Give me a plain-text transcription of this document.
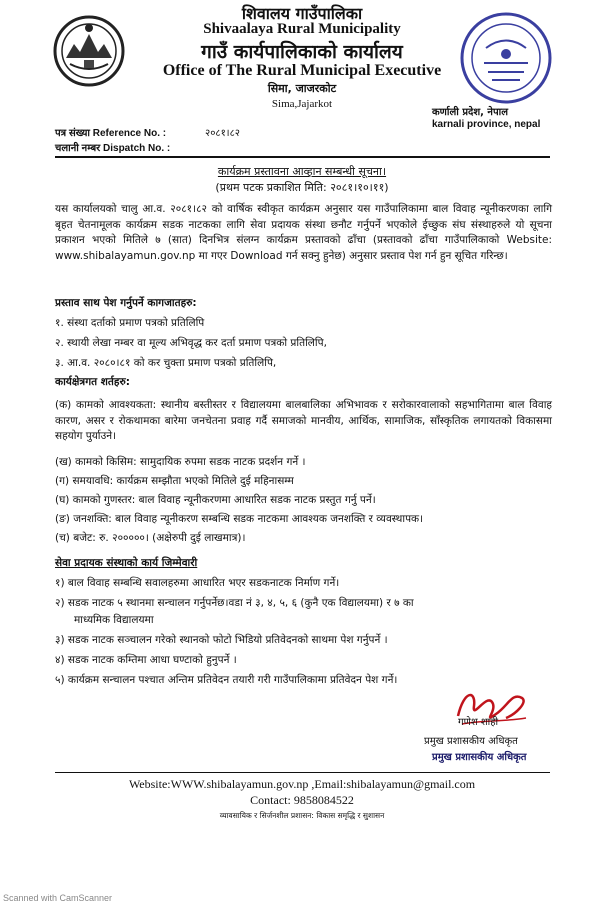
शिवालय गाउँपालिका
Shivaalaya Rural Municipality
गाउँ कार्यपालिकाको कार्यालय
Office of The Rural Municipal Executive
सिमा, जाजरकोट
Sima,Jajarkot
कर्णाली प्रदेश, नेपाल
karnali province, nepal
पत्र संख्या Reference No. :	२०८१।८२
चलानी नम्बर Dispatch No. :
कार्यक्रम प्रस्तावना आव्हान सम्बन्धी सूचना।
(प्रथम पटक प्रकाशित मिति: २०८१।१०।११)
यस कार्यालयको चालु आ.व. २०८१।८२ को वार्षिक स्वीकृत कार्यक्रम अनुसार यस गाउँपालिकामा बाल विवाह न्यूनीकरणका लागि बृहत चेतनामूलक कार्यक्रम सडक नाटकका लागि सेवा प्रदायक संस्था छनौट गर्नुपर्ने भएकोले ईच्छुक संघ संस्थाहरुले यो सूचना प्रकाशन भएको मितिले ७ (सात) दिनभित्र संलग्न कार्यक्रम प्रस्तावको ढाँचा (प्रस्तावको ढाँचा गाउँपालिकाको Website: www.shibalayamun.gov.np मा गएर Download गर्न सक्नु हुनेछ) अनुसार प्रस्ताव पेश गर्न हुन सूचित गरिन्छ।
प्रस्ताव साथ पेश गर्नुपर्ने कागजातहरु:
१. संस्था दर्ताको प्रमाण पत्रको प्रतिलिपि
२. स्थायी लेखा नम्बर वा मूल्य अभिवृद्ध कर दर्ता प्रमाण पत्रको प्रतिलिपि,
३. आ.व. २०८०।८१ को कर चुक्ता प्रमाण पत्रको प्रतिलिपि,
कार्यक्षेत्रगत शर्तहरु:
(क) कामको आवश्यकता: स्थानीय बस्तीस्तर र विद्यालयमा बालबालिका अभिभावक र सरोकारवालाको सहभागितामा बाल विवाह कारण, असर र रोकथामका बारेमा जनचेतना प्रवाह गर्दै समाजको मानवीय, आर्थिक, सामाजिक, साँस्कृतिक लगायतको विकासमा सहयोग पुर्याउने।
(ख) कामको किसिम: सामुदायिक रुपमा सडक नाटक प्रदर्शन गर्ने ।
(ग) समयावधि: कार्यक्रम सम्झौता भएको मितिले दुई महिनासम्म
(घ) कामको गुणस्तर: बाल विवाह न्यूनीकरणमा आधारित सडक नाटक प्रस्तुत गर्नु पर्ने।
(ङ) जनशक्ति: बाल विवाह न्यूनीकरण सम्बन्धि सडक नाटकमा आवश्यक जनशक्ति र व्यवस्थापक।
(च) बजेट: रु. २०००००। (अक्षेरुपी दुई लाखमात्र)।
सेवा प्रदायक संस्थाको कार्य जिम्मेवारी
१) बाल विवाह सम्बन्धि सवालहरुमा आधारित भएर सडकनाटक निर्माण गर्ने।
२) सडक नाटक ५ स्थानमा सन्चालन गर्नुपर्नेछ।वडा नं ३, ४, ५, ६ (कुनै एक विद्यालयमा) र ७ का
माध्यमिक विद्यालयमा
३) सडक नाटक सञ्चालन गरेको स्थानको फोटो भिडियो प्रतिवेदनको साथमा पेश गर्नुपर्ने ।
४) सडक नाटक कम्तिमा आधा घण्टाको हुनुपर्ने ।
५) कार्यक्रम सन्चालन पश्चात अन्तिम प्रतिवेदन तयारी गरी गाउँपालिकामा प्रतिवेदन पेश गर्ने।
गणेश शाही
प्रमुख प्रशासकीय अधिकृत
प्रमुख प्रशासकीय अधिकृत
Website:WWW.shibalayamun.gov.np ,Email:shibalayamun@gmail.com
Contact: 9858084522
व्यावसायिक र सिर्जनशील प्रशासन: विकास समृद्धि र सुशासन
Scanned with CamScanner
